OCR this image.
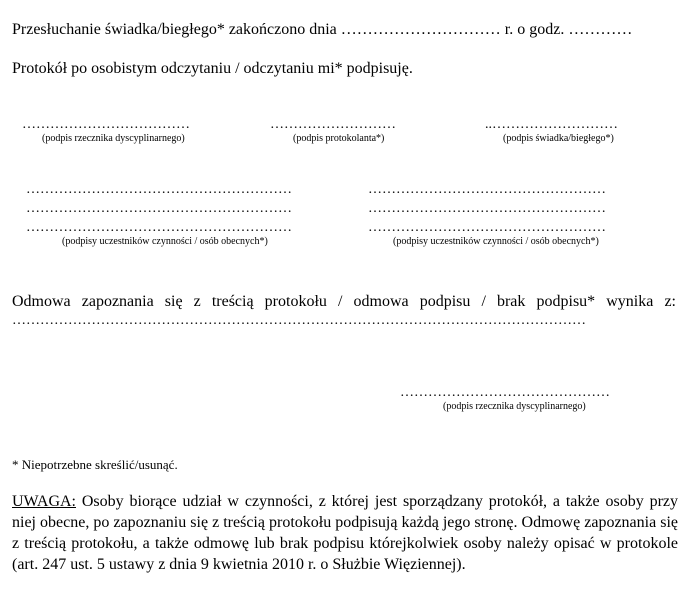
Przesłuchanie świadka/biegłego* zakończono dnia ………………………… r. o godz. …………
Protokół po osobistym odczytaniu / odczytaniu mi* podpisuję.
………………………………
(podpis rzecznika dyscyplinarnego)
………………………
(podpis protokolanta*)
..………………………
(podpis świadka/biegłego*)
…………………………………………………
…………………………………………………
…………………………………………………
(podpisy uczestników czynności / osób obecnych*)
……………………………………………
……………………………………………
……………………………………………
(podpisy uczestników czynności / osób obecnych*)
Odmowa zapoznania się z treścią protokołu / odmowa podpisu / brak podpisu* wynika z:
……………………………………………………………………………………………………………
………………………………………
(podpis rzecznika dyscyplinarnego)
* Niepotrzebne skreślić/usunąć.
UWAGA: Osoby biorące udział w czynności, z której jest sporządzany protokół, a także osoby przy niej obecne, po zapoznaniu się z treścią protokołu podpisują każdą jego stronę. Odmowę zapoznania się z treścią protokołu, a także odmowę lub brak podpisu którejkolwiek osoby należy opisać w protokole (art. 247 ust. 5 ustawy z dnia 9 kwietnia 2010 r. o Służbie Więziennej).
